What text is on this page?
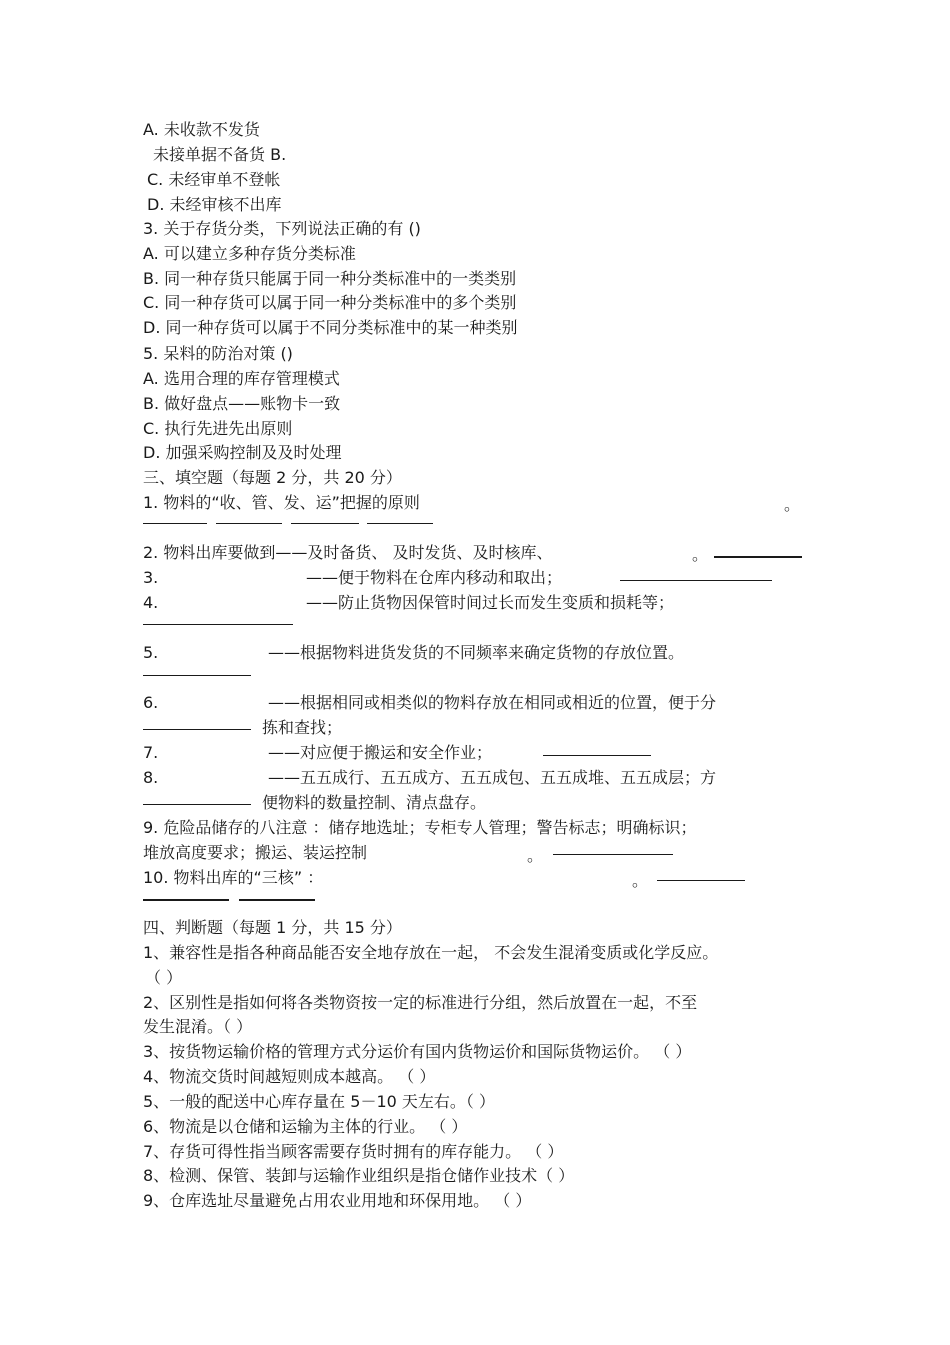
A. 未收款不发货
未接单据不备货 B.
C. 未经审单不登帐
D. 未经审核不出库
3. 关于存货分类，下列说法正确的有 ()
A. 可以建立多种存货分类标准
B. 同一种存货只能属于同一种分类标准中的一类类别
C. 同一种存货可以属于同一种分类标准中的多个类别
D. 同一种存货可以属于不同分类标准中的某一种类别
5. 呆料的防治对策 ()
A. 选用合理的库存管理模式
B. 做好盘点——账物卡一致
C. 执行先进先出原则
D. 加强采购控制及及时处理
三、填空题（每题 2 分，共 20 分）
1. 物料的“收、管、发、运”把握的原则	。
2. 物料出库要做到——及时备货、 及时发货、及时核库、	。
3.	——便于物料在仓库内移动和取出；
4.	——防止货物因保管时间过长而发生变质和损耗等；
5.	——根据物料进货发货的不同频率来确定货物的存放位置。
6.	——根据相同或相类似的物料存放在相同或相近的位置，便于分
拣和查找；
7.	——对应便于搬运和安全作业；
8.	——五五成行、五五成方、五五成包、五五成堆、五五成层；方
便物料的数量控制、清点盘存。
9. 危险品储存的八注意 ：储存地选址；专柜专人管理；警告标志；明确标识；
堆放高度要求；搬运、装运控制	。
10. 物料出库的“三核” ：	。
四、判断题（每题 1 分，共 15 分）
1、兼容性是指各种商品能否安全地存放在一起， 不会发生混淆变质或化学反应。
（ ）
2、区别性是指如何将各类物资按一定的标准进行分组，然后放置在一起，不至
发生混淆。（ ）
3、按货物运输价格的管理方式分运价有国内货物运价和国际货物运价。 （ ）
4、物流交货时间越短则成本越高。 （ ）
5、一般的配送中心库存量在 5－10 天左右。（ ）
6、物流是以仓储和运输为主体的行业。 （ ）
7、存货可得性指当顾客需要存货时拥有的库存能力。 （ ）
8、检测、保管、装卸与运输作业组织是指仓储作业技术（ ）
9、仓库选址尽量避免占用农业用地和环保用地。 （ ）
